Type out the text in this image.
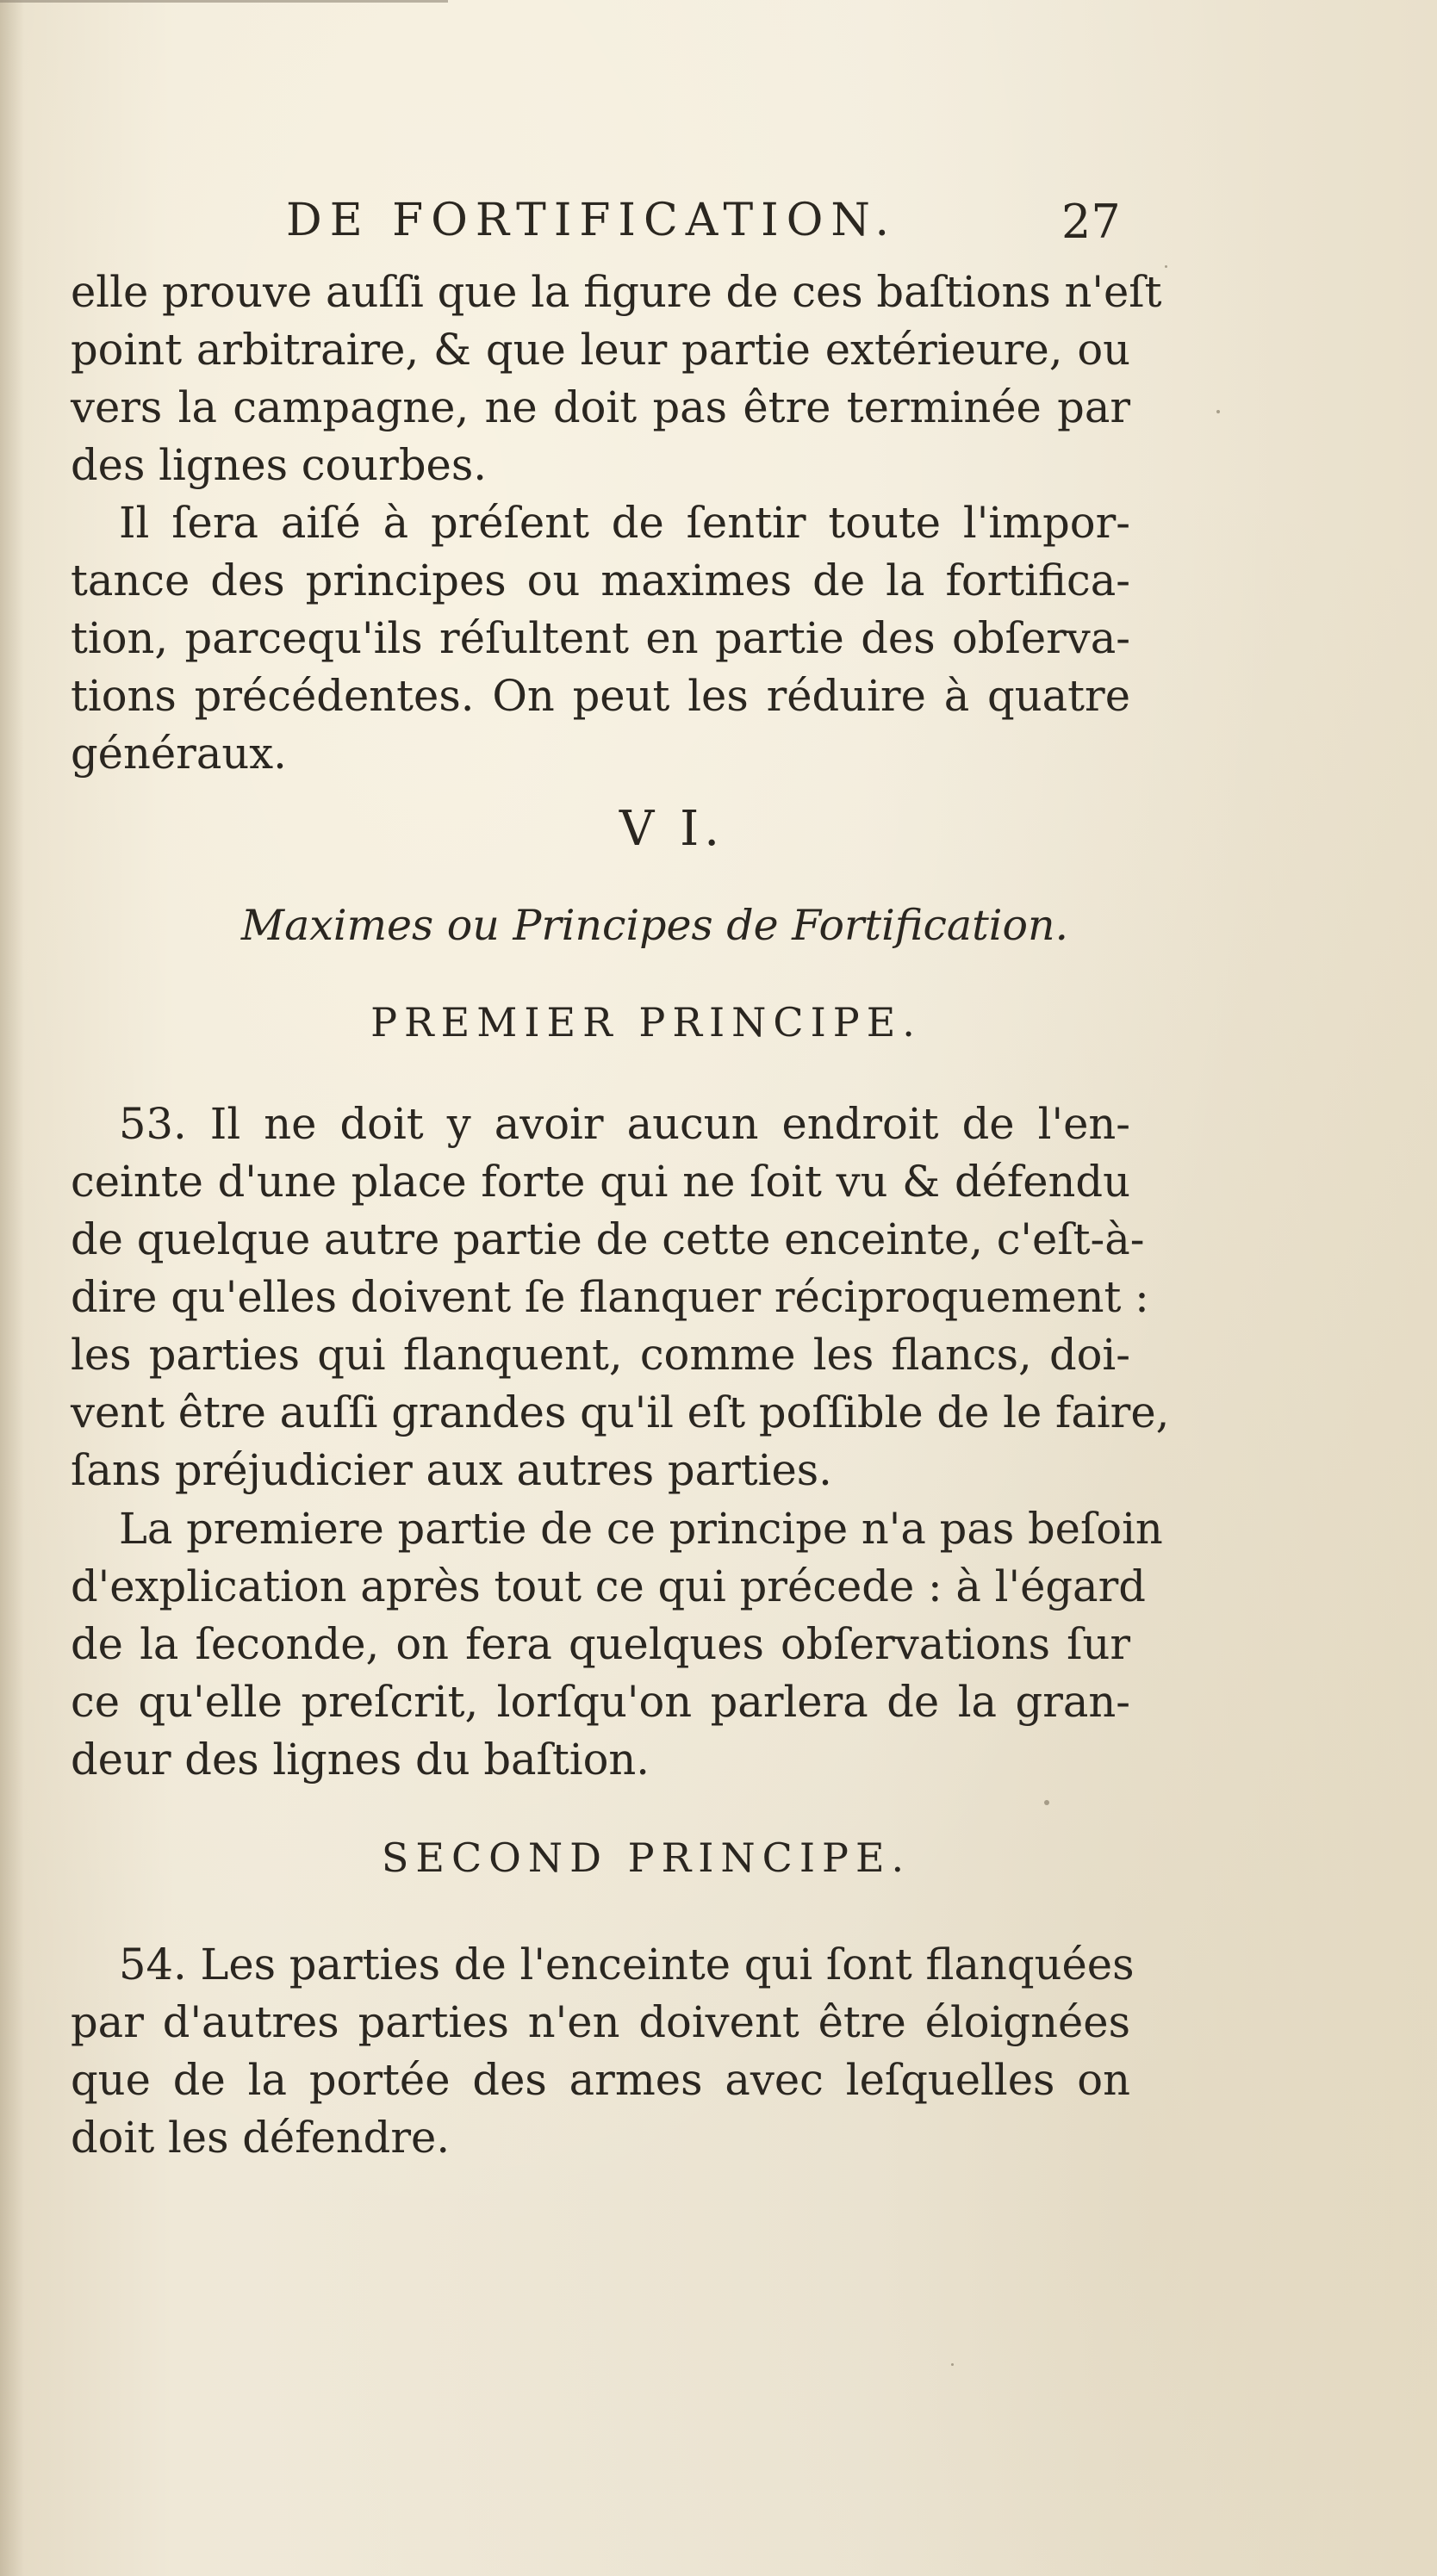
DE FORTIFICATION.	27
elle prouve auſſi que la figure de ces baſtions n'eſt
point arbitraire, & que leur partie extérieure, ou
vers la campagne, ne doit pas être terminée par
des lignes courbes.
Il ſera aiſé à préſent de ſentir toute l'impor-
tance des principes ou maximes de la fortifica-
tion, parcequ'ils réſultent en partie des obſerva-
tions précédentes. On peut les réduire à quatre
généraux.
V I.
Maximes ou Principes de Fortification.
PREMIER PRINCIPE.
53. Il ne doit y avoir aucun endroit de l'en-
ceinte d'une place forte qui ne ſoit vu & défendu
de quelque autre partie de cette enceinte, c'eſt-à-
dire qu'elles doivent ſe flanquer réciproquement :
les parties qui flanquent, comme les flancs, doi-
vent être auſſi grandes qu'il eſt poſſible de le faire,
ſans préjudicier aux autres parties.
La premiere partie de ce principe n'a pas beſoin
d'explication après tout ce qui précede : à l'égard
de la ſeconde, on fera quelques obſervations ſur
ce qu'elle preſcrit, lorſqu'on parlera de la gran-
deur des lignes du baſtion.
SECOND PRINCIPE.
54. Les parties de l'enceinte qui ſont flanquées
par d'autres parties n'en doivent être éloignées
que de la portée des armes avec leſquelles on
doit les défendre.
